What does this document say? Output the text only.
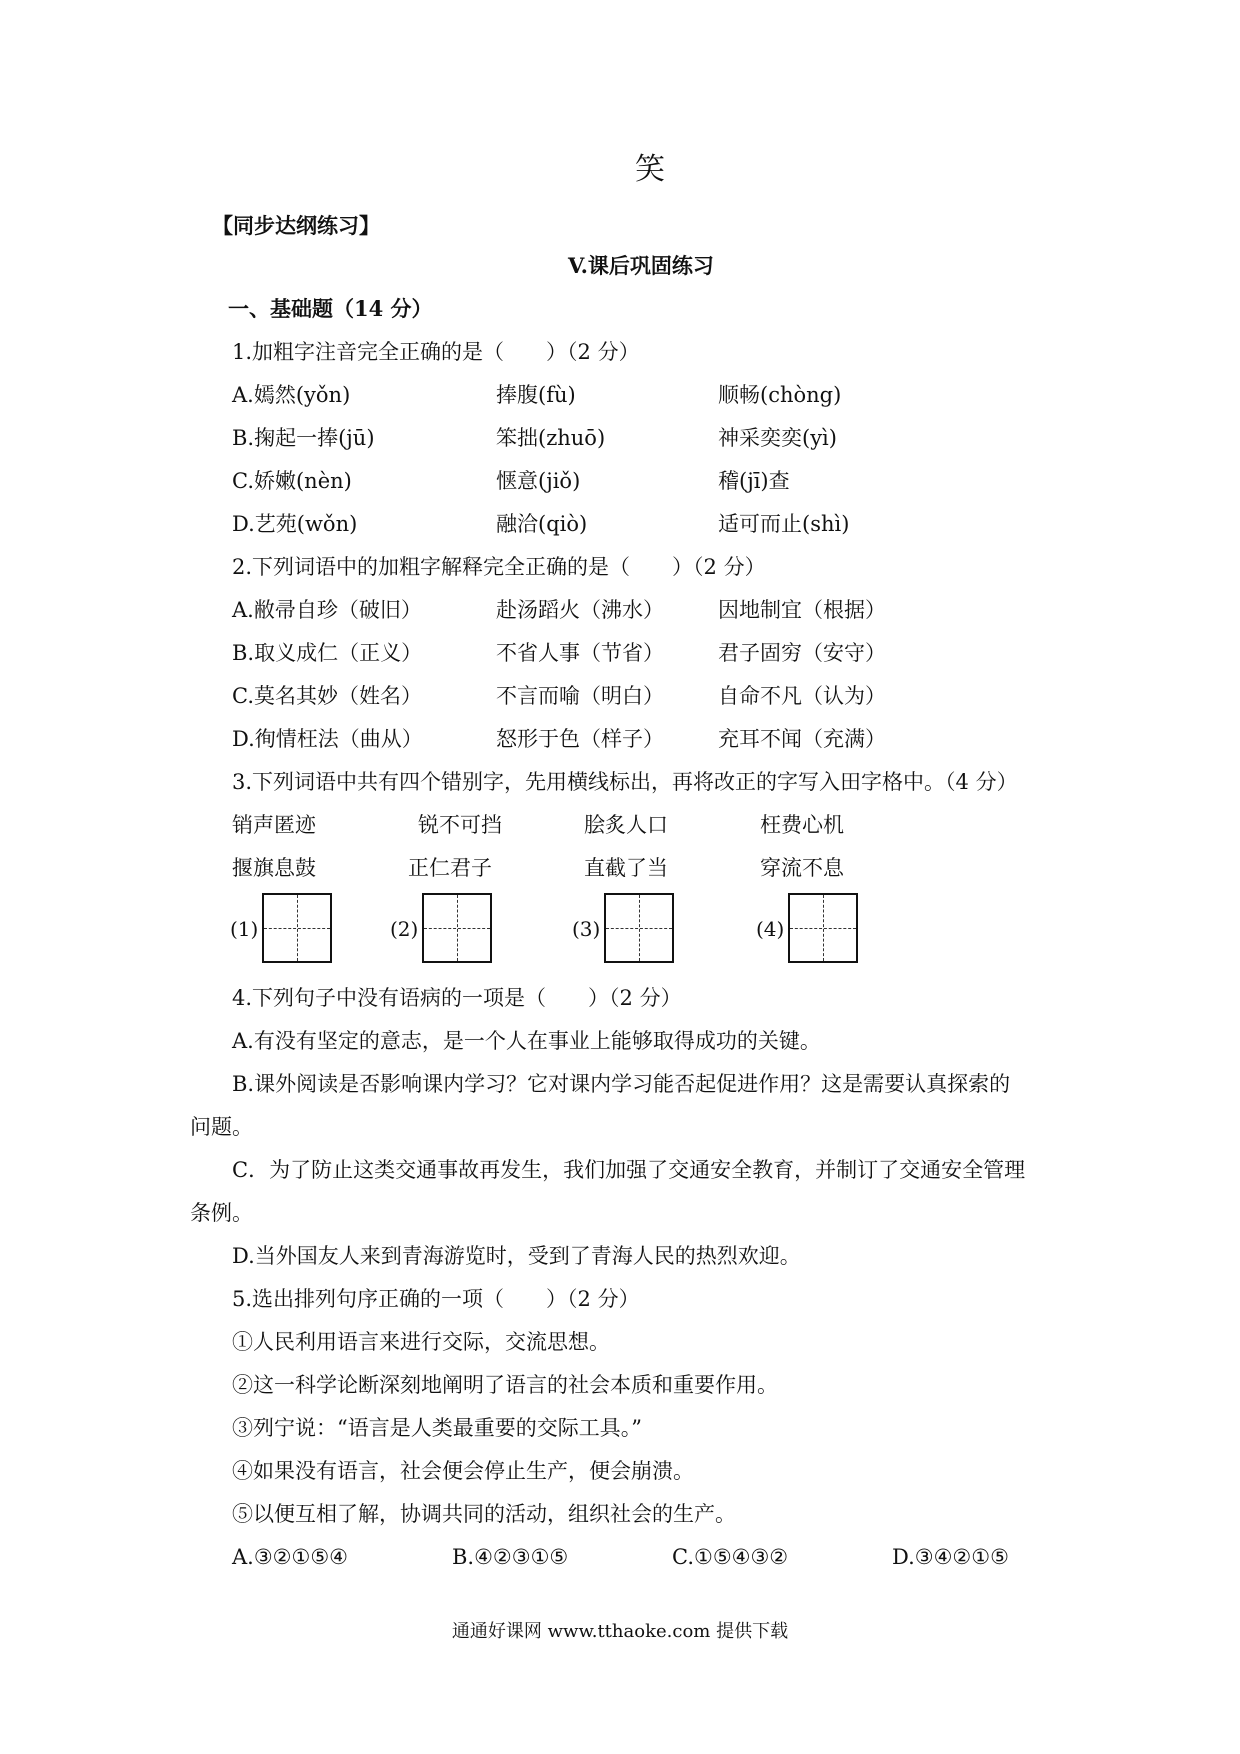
笑
【同步达纲练习】
V.课后巩固练习
一、基础题（14 分）
1.加粗字注音完全正确的是（　　）（2 分）
A.嫣然(yǒn)	捧腹(fù)	顺畅(chòng)
B.掬起一捧(jū)	笨拙(zhuō)	神采奕奕(yì)
C.娇嫩(nèn)	惬意(jiǒ)	稽(jī)查
D.艺苑(wǒn)	融洽(qiò)	适可而止(shì)
2.下列词语中的加粗字解释完全正确的是（　　）（2 分）
A.敝帚自珍（破旧）	赴汤蹈火（沸水）	因地制宜（根据）
B.取义成仁（正义）	不省人事（节省）	君子固穷（安守）
C.莫名其妙（姓名）	不言而喻（明白）	自命不凡（认为）
D.徇情枉法（曲从）	怒形于色（样子）	充耳不闻（充满）
3.下列词语中共有四个错别字，先用横线标出，再将改正的字写入田字格中。（4 分）
销声匿迹	锐不可挡	脍炙人口	枉费心机
揠旗息鼓	正仁君子	直截了当	穿流不息
(1)	(2)	(3)	(4)
4.下列句子中没有语病的一项是（　　）（2 分）
A.有没有坚定的意志，是一个人在事业上能够取得成功的关键。
B.课外阅读是否影响课内学习？它对课内学习能否起促进作用？这是需要认真探索的
问题。
C．为了防止这类交通事故再发生，我们加强了交通安全教育，并制订了交通安全管理
条例。
D.当外国友人来到青海游览时，受到了青海人民的热烈欢迎。
5.选出排列句序正确的一项（　　）（2 分）
①人民利用语言来进行交际，交流思想。
②这一科学论断深刻地阐明了语言的社会本质和重要作用。
③列宁说：“语言是人类最重要的交际工具。”
④如果没有语言，社会便会停止生产，便会崩溃。
⑤以便互相了解，协调共同的活动，组织社会的生产。
A.③②①⑤④	B.④②③①⑤	C.①⑤④③②	D.③④②①⑤
通通好课网 www.tthaoke.com 提供下载
